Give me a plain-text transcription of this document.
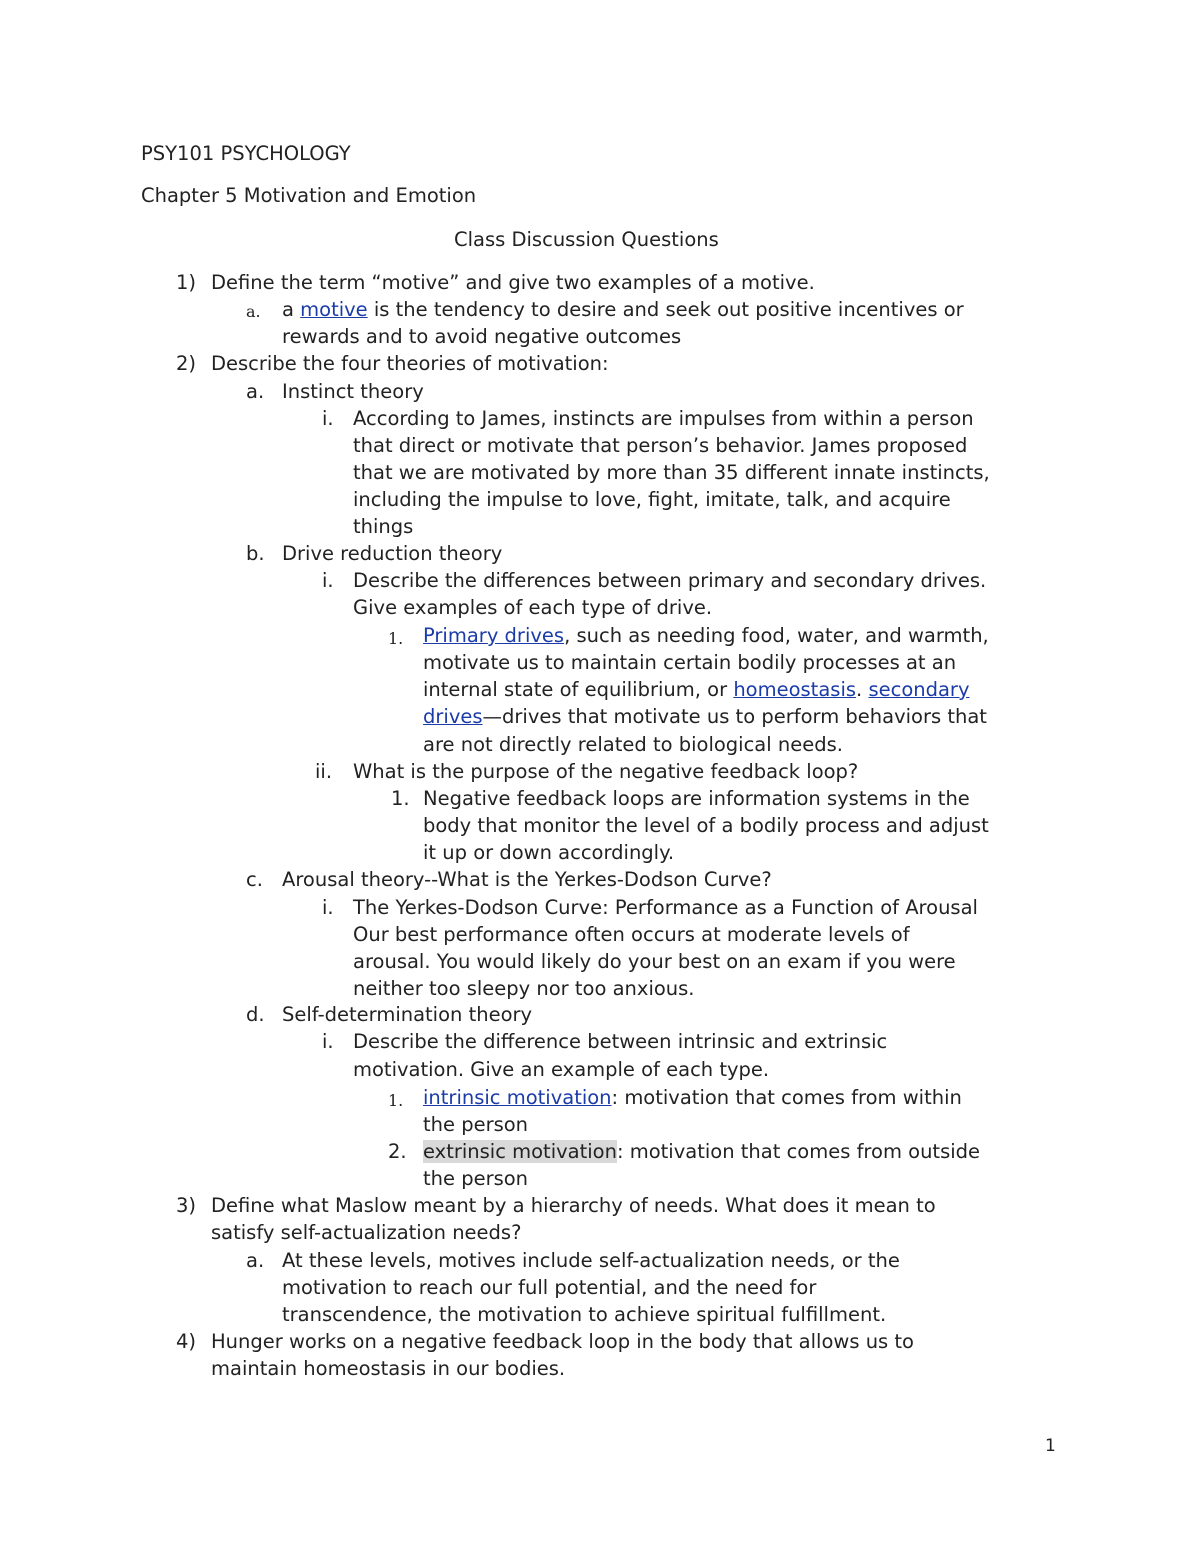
PSY101 PSYCHOLOGY
Chapter 5 Motivation and Emotion
Class Discussion Questions
1) Define the term “motive” and give two examples of a motive.
a. a motive is the tendency to desire and seek out positive incentives or
rewards and to avoid negative outcomes
2) Describe the four theories of motivation:
a. Instinct theory
i. According to James, instincts are impulses from within a person
that direct or motivate that person’s behavior. James proposed
that we are motivated by more than 35 different innate instincts,
including the impulse to love, fight, imitate, talk, and acquire
things
b. Drive reduction theory
i. Describe the differences between primary and secondary drives.
Give examples of each type of drive.
1. Primary drives, such as needing food, water, and warmth,
motivate us to maintain certain bodily processes at an
internal state of equilibrium, or homeostasis. secondary
drives—drives that motivate us to perform behaviors that
are not directly related to biological needs.
ii. What is the purpose of the negative feedback loop?
1. Negative feedback loops are information systems in the
body that monitor the level of a bodily process and adjust
it up or down accordingly.
c. Arousal theory--What is the Yerkes-Dodson Curve?
i. The Yerkes-Dodson Curve: Performance as a Function of Arousal
Our best performance often occurs at moderate levels of
arousal. You would likely do your best on an exam if you were
neither too sleepy nor too anxious.
d. Self-determination theory
i. Describe the difference between intrinsic and extrinsic
motivation. Give an example of each type.
1. intrinsic motivation: motivation that comes from within
the person
2. extrinsic motivation: motivation that comes from outside
the person
3) Define what Maslow meant by a hierarchy of needs. What does it mean to
satisfy self-actualization needs?
a. At these levels, motives include self-actualization needs, or the
motivation to reach our full potential, and the need for
transcendence, the motivation to achieve spiritual fulfillment.
4) Hunger works on a negative feedback loop in the body that allows us to
maintain homeostasis in our bodies.
1
